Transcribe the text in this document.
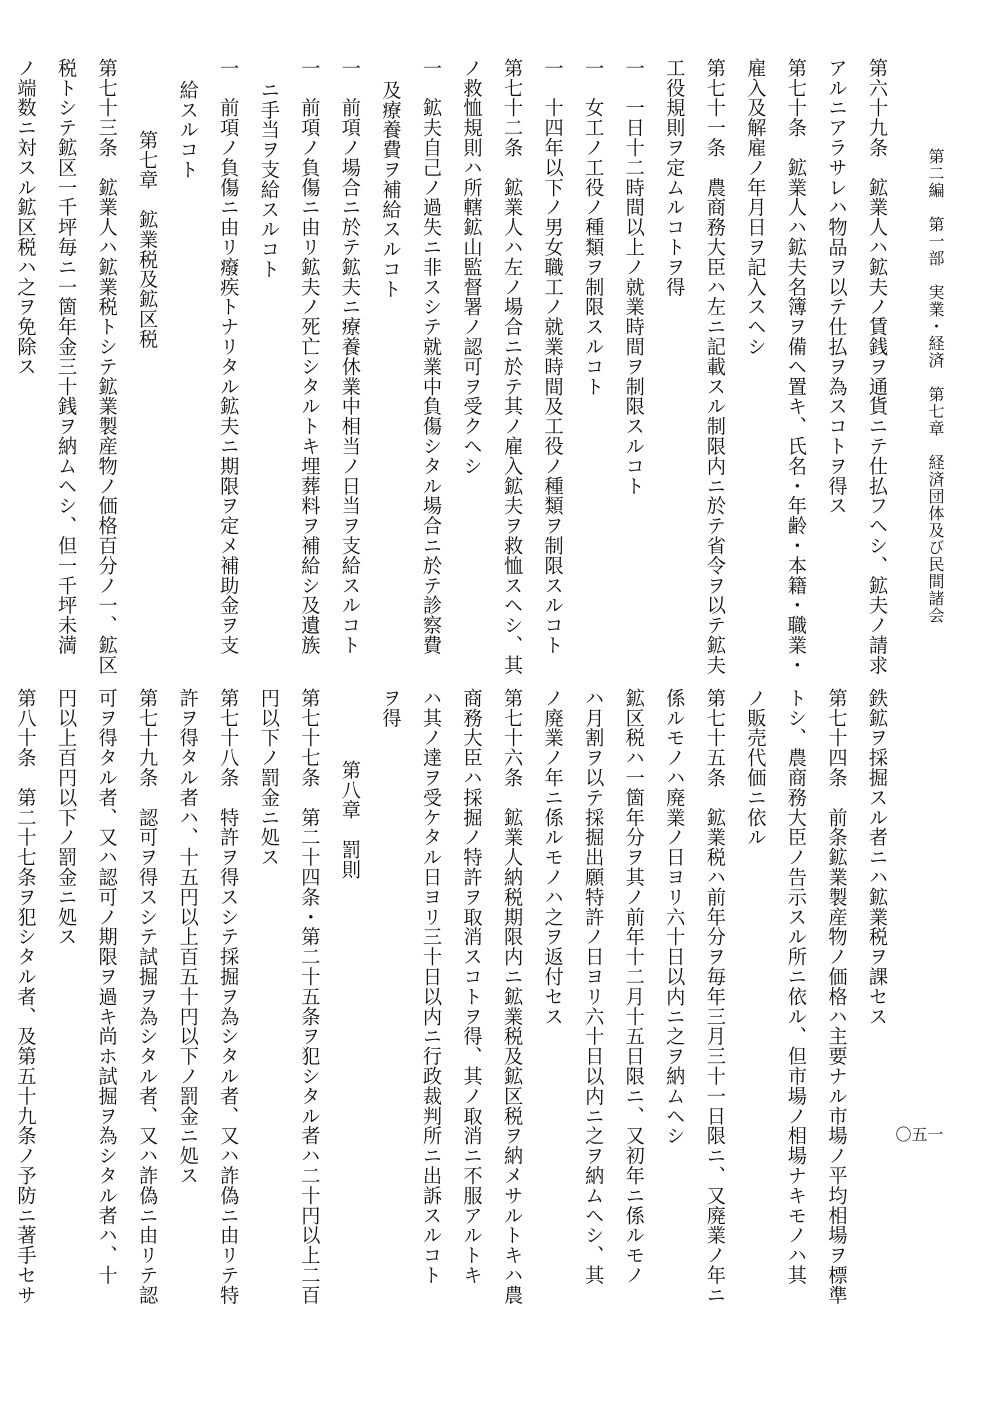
第二編　第一部　実業・経済　第七章　経済団体及び民間諸会
一
五
〇
第六十九条　鉱業人ハ鉱夫ノ賃銭ヲ通貨ニテ仕払フヘシ、鉱夫ノ請求
アルニアラサレハ物品ヲ以テ仕払ヲ為スコトヲ得ス
第七十条　鉱業人ハ鉱夫名簿ヲ備ヘ置キ、氏名・年齢・本籍・職業・
雇入及解雇ノ年月日ヲ記入スヘシ
第七十一条　農商務大臣ハ左ニ記載スル制限内ニ於テ省令ヲ以テ鉱夫
工役規則ヲ定ムルコトヲ得
一　一日十二時間以上ノ就業時間ヲ制限スルコト
一　女工ノ工役ノ種類ヲ制限スルコト
一　十四年以下ノ男女職工ノ就業時間及工役ノ種類ヲ制限スルコト
第七十二条　鉱業人ハ左ノ場合ニ於テ其ノ雇入鉱夫ヲ救恤スヘシ、其
ノ救恤規則ハ所轄鉱山監督署ノ認可ヲ受クヘシ
一　鉱夫自己ノ過失ニ非スシテ就業中負傷シタル場合ニ於テ診察費
及療養費ヲ補給スルコト
一　前項ノ場合ニ於テ鉱夫ニ療養休業中相当ノ日当ヲ支給スルコト
一　前項ノ負傷ニ由リ鉱夫ノ死亡シタルトキ埋葬料ヲ補給シ及遺族
ニ手当ヲ支給スルコト
一　前項ノ負傷ニ由リ癈疾トナリタル鉱夫ニ期限ヲ定メ補助金ヲ支
給スルコト
第七章　鉱業税及鉱区税
第七十三条　鉱業人ハ鉱業税トシテ鉱業製産物ノ価格百分ノ一、鉱区
税トシテ鉱区一千坪毎ニ一箇年金三十銭ヲ納ムヘシ、但一千坪未満
ノ端数ニ対スル鉱区税ハ之ヲ免除ス
鉄鉱ヲ採掘スル者ニハ鉱業税ヲ課セス
第七十四条　前条鉱業製産物ノ価格ハ主要ナル市場ノ平均相場ヲ標準
トシ、農商務大臣ノ告示スル所ニ依ル、但市場ノ相場ナキモノハ其
ノ販売代価ニ依ル
第七十五条　鉱業税ハ前年分ヲ毎年三月三十一日限ニ、又廃業ノ年ニ
係ルモノハ廃業ノ日ヨリ六十日以内ニ之ヲ納ムヘシ
鉱区税ハ一箇年分ヲ其ノ前年十二月十五日限ニ、又初年ニ係ルモノ
ハ月割ヲ以テ採掘出願特許ノ日ヨリ六十日以内ニ之ヲ納ムヘシ、其
ノ廃業ノ年ニ係ルモノハ之ヲ返付セス
第七十六条　鉱業人納税期限内ニ鉱業税及鉱区税ヲ納メサルトキハ農
商務大臣ハ採掘ノ特許ヲ取消スコトヲ得、其ノ取消ニ不服アルトキ
ハ其ノ達ヲ受ケタル日ヨリ三十日以内ニ行政裁判所ニ出訴スルコト
ヲ得
第八章　罰則
第七十七条　第二十四条・第二十五条ヲ犯シタル者ハ二十円以上二百
円以下ノ罰金ニ処ス
第七十八条　特許ヲ得スシテ採掘ヲ為シタル者、又ハ詐偽ニ由リテ特
許ヲ得タル者ハ、十五円以上百五十円以下ノ罰金ニ処ス
第七十九条　認可ヲ得スシテ試掘ヲ為シタル者、又ハ詐偽ニ由リテ認
可ヲ得タル者、又ハ認可ノ期限ヲ過キ尚ホ試掘ヲ為シタル者ハ、十
円以上百円以下ノ罰金ニ処ス
第八十条　第二十七条ヲ犯シタル者、及第五十九条ノ予防ニ著手セサ
